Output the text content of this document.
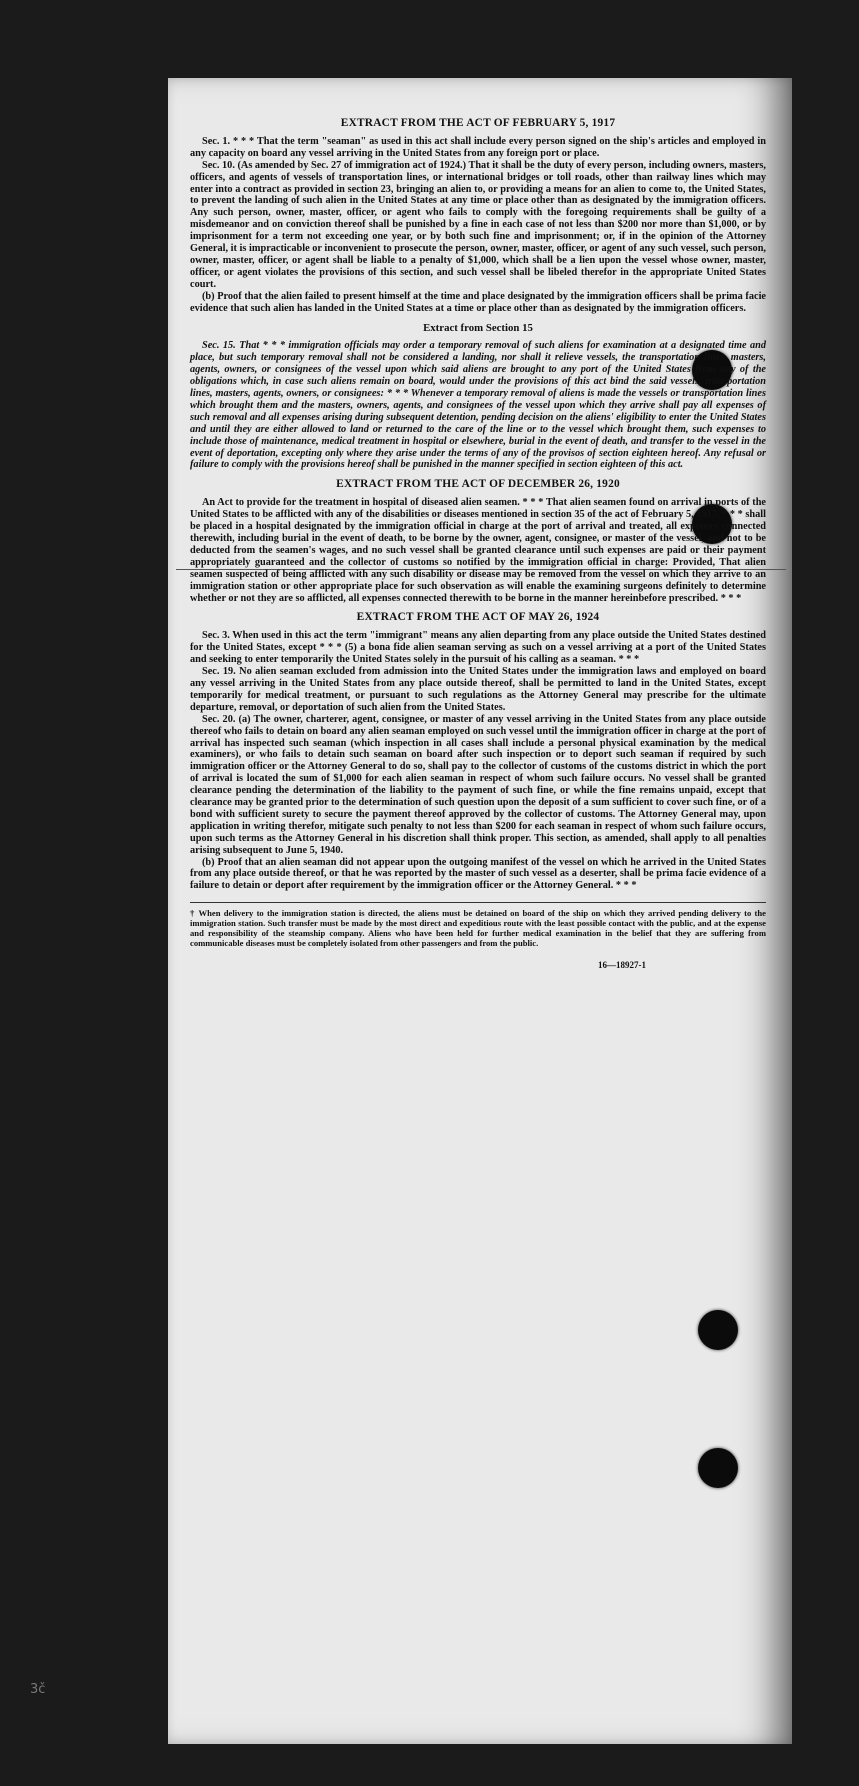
EXTRACT FROM THE ACT OF FEBRUARY 5, 1917

Sec. 1. * * * That the term "seaman" as used in this act shall include every person signed on the ship's articles and employed in any capacity on board any vessel arriving in the United States from any foreign port or place.

Sec. 10. (As amended by Sec. 27 of immigration act of 1924.) That it shall be the duty of every person, including owners, masters, officers, and agents of vessels of transportation lines, or international bridges or toll roads, other than railway lines which may enter into a contract as provided in section 23, bringing an alien to, or providing a means for an alien to come to, the United States, to prevent the landing of such alien in the United States at any time or place other than as designated by the immigration officers. Any such person, owner, master, officer, or agent who fails to comply with the foregoing requirements shall be guilty of a misdemeanor and on conviction thereof shall be punished by a fine in each case of not less than $200 nor more than $1,000, or by imprisonment for a term not exceeding one year, or by both such fine and imprisonment; or, if in the opinion of the Attorney General, it is impracticable or inconvenient to prosecute the person, owner, master, officer, or agent of any such vessel, such person, owner, master, officer, or agent shall be liable to a penalty of $1,000, which shall be a lien upon the vessel whose owner, master, officer, or agent violates the provisions of this section, and such vessel shall be libeled therefor in the appropriate United States court.

(b) Proof that the alien failed to present himself at the time and place designated by the immigration officers shall be prima facie evidence that such alien has landed in the United States at a time or place other than as designated by the immigration officers.

Extract from Section 15

Sec. 15. That * * * immigration officials may order a temporary removal of such aliens for examination at a designated time and place, but such temporary removal shall not be considered a landing, nor shall it relieve vessels, the transportation lines, masters, agents, owners, or consignees of the vessel upon which said aliens are brought to any port of the United States from any of the obligations which, in case such aliens remain on board, would under the provisions of this act bind the said vessels, transportation lines, masters, agents, owners, or consignees: * * * Whenever a temporary removal of aliens is made the vessels or transportation lines which brought them and the masters, owners, agents, and consignees of the vessel upon which they arrive shall pay all expenses of such removal and all expenses arising during subsequent detention, pending decision on the aliens' eligibility to enter the United States and until they are either allowed to land or returned to the care of the line or to the vessel which brought them, such expenses to include those of maintenance, medical treatment in hospital or elsewhere, burial in the event of death, and transfer to the vessel in the event of deportation, excepting only where they arise under the terms of any of the provisos of section eighteen hereof. Any refusal or failure to comply with the provisions hereof shall be punished in the manner specified in section eighteen of this act.

EXTRACT FROM THE ACT OF DECEMBER 26, 1920

An Act to provide for the treatment in hospital of diseased alien seamen. * * * That alien seamen found on arrival in ports of the United States to be afflicted with any of the disabilities or diseases mentioned in section 35 of the act of February 5, 1917, * * * shall be placed in a hospital designated by the immigration official in charge at the port of arrival and treated, all expenses connected therewith, including burial in the event of death, to be borne by the owner, agent, consignee, or master of the vessel, and not to be deducted from the seamen's wages, and no such vessel shall be granted clearance until such expenses are paid or their payment appropriately guaranteed and the collector of customs so notified by the immigration official in charge: Provided, That alien seamen suspected of being afflicted with any such disability or disease may be removed from the vessel on which they arrive to an immigration station or other appropriate place for such observation as will enable the examining surgeons definitely to determine whether or not they are so afflicted, all expenses connected therewith to be borne in the manner hereinbefore prescribed. * * *

EXTRACT FROM THE ACT OF MAY 26, 1924

Sec. 3. When used in this act the term "immigrant" means any alien departing from any place outside the United States destined for the United States, except * * * (5) a bona fide alien seaman serving as such on a vessel arriving at a port of the United States and seeking to enter temporarily the United States solely in the pursuit of his calling as a seaman. * * *

Sec. 19. No alien seaman excluded from admission into the United States under the immigration laws and employed on board any vessel arriving in the United States from any place outside thereof, shall be permitted to land in the United States, except temporarily for medical treatment, or pursuant to such regulations as the Attorney General may prescribe for the ultimate departure, removal, or deportation of such alien from the United States.

Sec. 20. (a) The owner, charterer, agent, consignee, or master of any vessel arriving in the United States from any place outside thereof who fails to detain on board any alien seaman employed on such vessel until the immigration officer in charge at the port of arrival has inspected such seaman (which inspection in all cases shall include a personal physical examination by the medical examiners), or who fails to detain such seaman on board after such inspection or to deport such seaman if required by such immigration officer or the Attorney General to do so, shall pay to the collector of customs of the customs district in which the port of arrival is located the sum of $1,000 for each alien seaman in respect of whom such failure occurs. No vessel shall be granted clearance pending the determination of the liability to the payment of such fine, or while the fine remains unpaid, except that clearance may be granted prior to the determination of such question upon the deposit of a sum sufficient to cover such fine, or of a bond with sufficient surety to secure the payment thereof approved by the collector of customs. The Attorney General may, upon application in writing therefor, mitigate such penalty to not less than $200 for each seaman in respect of whom such failure occurs, upon such terms as the Attorney General in his discretion shall think proper. This section, as amended, shall apply to all penalties arising subsequent to June 5, 1940.

(b) Proof that an alien seaman did not appear upon the outgoing manifest of the vessel on which he arrived in the United States from any place outside thereof, or that he was reported by the master of such vessel as a deserter, shall be prima facie evidence of a failure to detain or deport after requirement by the immigration officer or the Attorney General. * * *

† When delivery to the immigration station is directed, the aliens must be detained on board of the ship on which they arrived pending delivery to the immigration station. Such transfer must be made by the most direct and expeditious route with the least possible contact with the public, and at the expense and responsibility of the steamship company. Aliens who have been held for further medical examination in the belief that they are suffering from communicable diseases must be completely isolated from other passengers and from the public.
16—18927-1
3č
